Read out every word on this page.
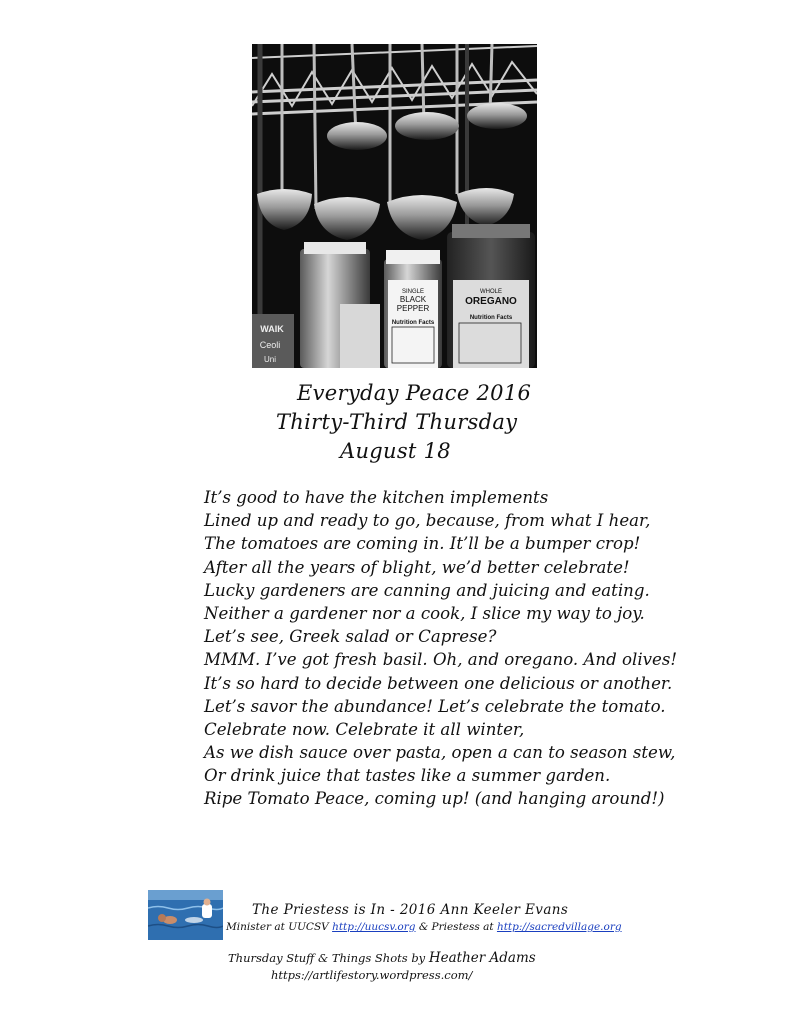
SINGLE
BLACK
PEPPER
Nutrition Facts
WHOLE
OREGANO
Nutrition Facts
WAIK
Ceoli
Uni
Everyday Peace 2016
Thirty-Third Thursday
August 18
It’s good to have the kitchen implements
Lined up and ready to go, because, from what I hear,
The tomatoes are coming in. It’ll be a bumper crop!
After all the years of blight, we’d better celebrate!
Lucky gardeners are canning and juicing and eating.
Neither a gardener nor a cook, I slice my way to joy.
Let’s see, Greek salad or Caprese?
MMM. I’ve got fresh basil. Oh, and oregano. And olives!
It’s so hard to decide between one delicious or another.
Let’s savor the abundance! Let’s celebrate the tomato.
Celebrate now. Celebrate it all winter,
As we dish sauce over pasta, open a can to season stew,
Or drink juice that tastes like a summer garden.
Ripe Tomato Peace, coming up! (and hanging around!)
The Priestess is In - 2016 Ann Keeler Evans
Minister at UUCSV http://uucsv.org & Priestess at http://sacredvillage.org
Thursday Stuff & Things Shots by Heather Adams
https://artlifestory.wordpress.com/
